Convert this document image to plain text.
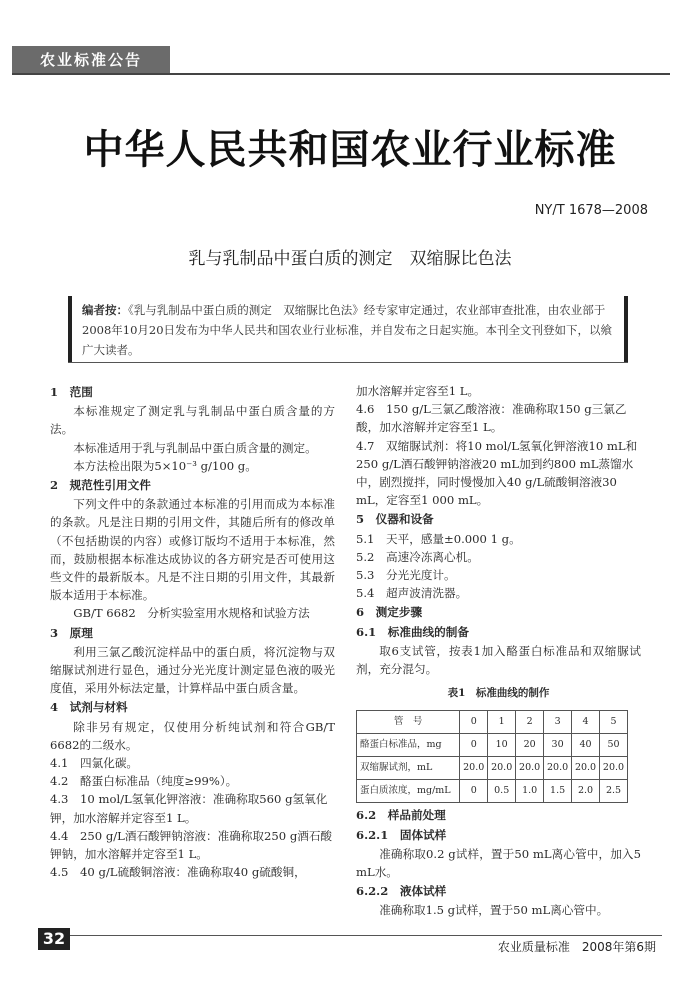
农业标准公告
中华人民共和国农业行业标准
NY/T 1678—2008
乳与乳制品中蛋白质的测定　双缩脲比色法
编者按：《乳与乳制品中蛋白质的测定　双缩脲比色法》经专家审定通过，农业部审查批准，由农业部于2008年10月20日发布为中华人民共和国农业行业标准，并自发布之日起实施。本刊全文刊登如下，以飨广大读者。
1　范围

本标准规定了测定乳与乳制品中蛋白质含量的方法。

本标准适用于乳与乳制品中蛋白质含量的测定。

本方法检出限为5×10⁻³ g/100 g。

2　规范性引用文件

下列文件中的条款通过本标准的引用而成为本标准的条款。凡是注日期的引用文件，其随后所有的修改单（不包括勘误的内容）或修订版均不适用于本标准，然而，鼓励根据本标准达成协议的各方研究是否可使用这些文件的最新版本。凡是不注日期的引用文件，其最新版本适用于本标准。

GB/T 6682　分析实验室用水规格和试验方法

3　原理

利用三氯乙酸沉淀样品中的蛋白质，将沉淀物与双缩脲试剂进行显色，通过分光光度计测定显色液的吸光度值，采用外标法定量，计算样品中蛋白质含量。

4　试剂与材料

除非另有规定，仅使用分析纯试剂和符合GB/T 6682的二级水。

4.1　四氯化碳。

4.2　酪蛋白标准品（纯度≥99%）。

4.3　10 mol/L氢氧化钾溶液：准确称取560 g氢氧化钾，加水溶解并定容至1 L。

4.4　250 g/L酒石酸钾钠溶液：准确称取250 g酒石酸钾钠，加水溶解并定容至1 L。

4.5　40 g/L硫酸铜溶液：准确称取40 g硫酸铜，

加水溶解并定容至1 L。

4.6　150 g/L三氯乙酸溶液：准确称取150 g三氯乙酸，加水溶解并定容至1 L。

4.7　双缩脲试剂：将10 mol/L氢氧化钾溶液10 mL和250 g/L酒石酸钾钠溶液20 mL加到约800 mL蒸馏水中，剧烈搅拌，同时慢慢加入40 g/L硫酸铜溶液30 mL，定容至1 000 mL。

5　仪器和设备

5.1　天平，感量±0.000 1 g。

5.2　高速冷冻离心机。

5.3　分光光度计。

5.4　超声波清洗器。

6　测定步骤
6.1　标准曲线的制备

取6支试管，按表1加入酪蛋白标准品和双缩脲试剂，充分混匀。

表1　标准曲线的制作
管　号	0	1	2	3	4	5
酪蛋白标准品，mg	0	10	20	30	40	50
双缩脲试剂，mL	20.0	20.0	20.0	20.0	20.0	20.0
蛋白质浓度，mg/mL	0	0.5	1.0	1.5	2.0	2.5
6.2　样品前处理
6.2.1　固体试样

准确称取0.2 g试样，置于50 mL离心管中，加入5 mL水。

6.2.2　液体试样

准确称取1.5 g试样，置于50 mL离心管中。

32	农业质量标准　2008年第6期
